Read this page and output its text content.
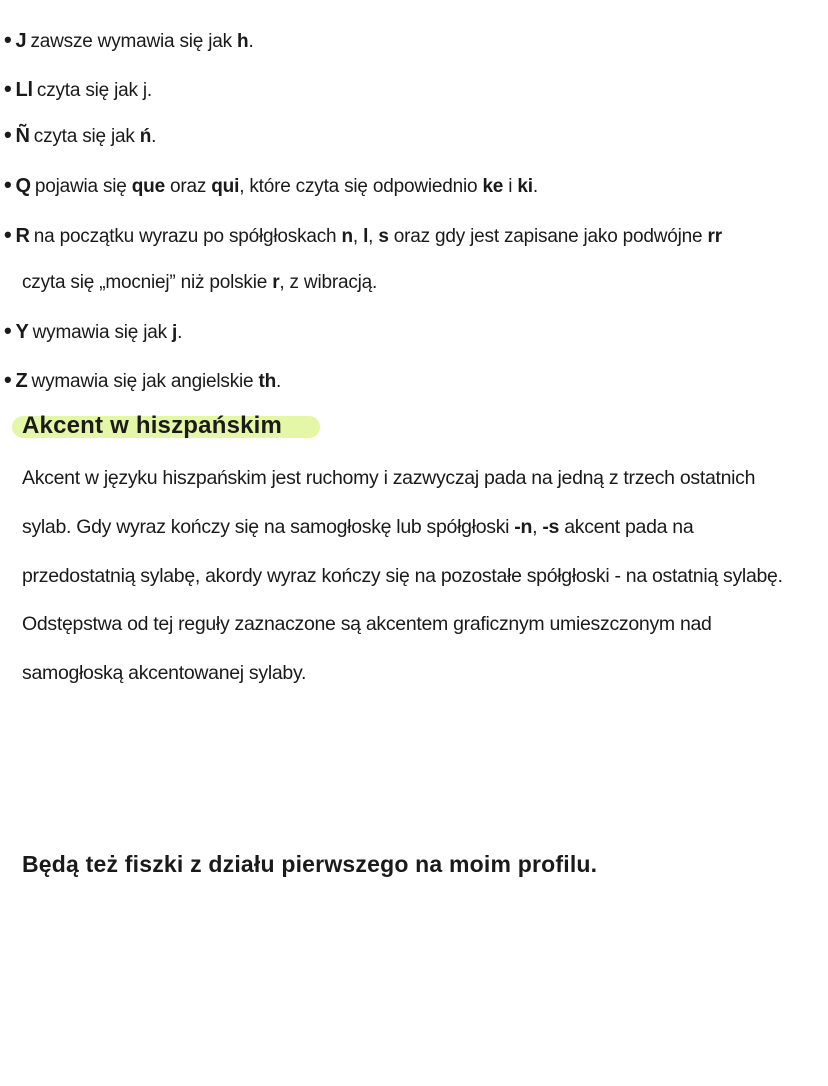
• J zawsze wymawia się jak h.
• Ll czyta się jak j.
• Ñ czyta się jak ń.
• Q pojawia się que oraz qui, które czyta się odpowiednio ke i ki.
• R na początku wyrazu po spółgłoskach n, l, s oraz gdy jest zapisane jako podwójne rr
czyta się „mocniej” niż polskie r, z wibracją.
• Y wymawia się jak j.
• Z wymawia się jak angielskie th.
Akcent w hiszpańskim
Akcent w języku hiszpańskim jest ruchomy i zazwyczaj pada na jedną z trzech ostatnich
sylab. Gdy wyraz kończy się na samogłoskę lub spółgłoski -n, -s akcent pada na
przedostatnią sylabę, akordy wyraz kończy się na pozostałe spółgłoski - na ostatnią sylabę.
Odstępstwa od tej reguły zaznaczone są akcentem graficznym umieszczonym nad
samogłoską akcentowanej sylaby.
Będą też fiszki z działu pierwszego na moim profilu.
